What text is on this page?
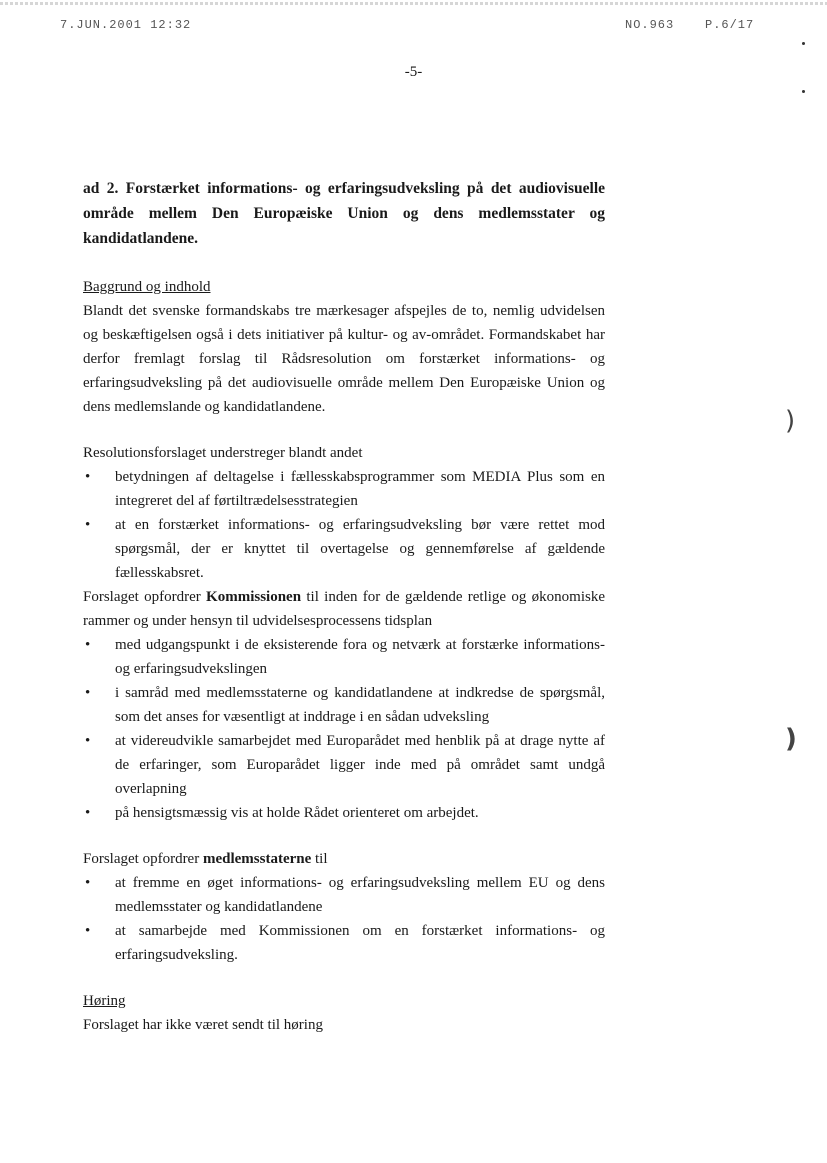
7.JUN.2001 12:32	NO.963	P.6/17
-5-
)
)

ad 2. Forstærket informations- og erfaringsudveksling på det audiovisuelle område mellem Den Europæiske Union og dens medlemsstater og kandidatlandene.

Baggrund og indhold

Blandt det svenske formandskabs tre mærkesager afspejles de to, nemlig udvidelsen og beskæftigelsen også i dets initiativer på kultur- og av-området. Formandskabet har derfor fremlagt forslag til Rådsresolution om forstærket informations- og erfaringsudveksling på det audiovisuelle område mellem Den Europæiske Union og dens medlemslande og kandidatlandene.

Resolutionsforslaget understreger blandt andet

• betydningen af deltagelse i fællesskabsprogrammer som MEDIA Plus som en integreret del af førtiltrædelsesstrategien
• at en forstærket informations- og erfaringsudveksling bør være rettet mod spørgsmål, der er knyttet til overtagelse og gennemførelse af gældende fællesskabsret.

Forslaget opfordrer Kommissionen til inden for de gældende retlige og økonomiske rammer og under hensyn til udvidelsesprocessens tidsplan

• med udgangspunkt i de eksisterende fora og netværk at forstærke informations- og erfaringsudvekslingen
• i samråd med medlemsstaterne og kandidatlandene at indkredse de spørgsmål, som det anses for væsentligt at inddrage i en sådan udveksling
• at videreudvikle samarbejdet med Europarådet med henblik på at drage nytte af de erfaringer, som Europarådet ligger inde med på området samt undgå overlapning
• på hensigtsmæssig vis at holde Rådet orienteret om arbejdet.

Forslaget opfordrer medlemsstaterne til

• at fremme en øget informations- og erfaringsudveksling mellem EU og dens medlemsstater og kandidatlandene
• at samarbejde med Kommissionen om en forstærket informations- og erfaringsudveksling.

Høring

Forslaget har ikke været sendt til høring
